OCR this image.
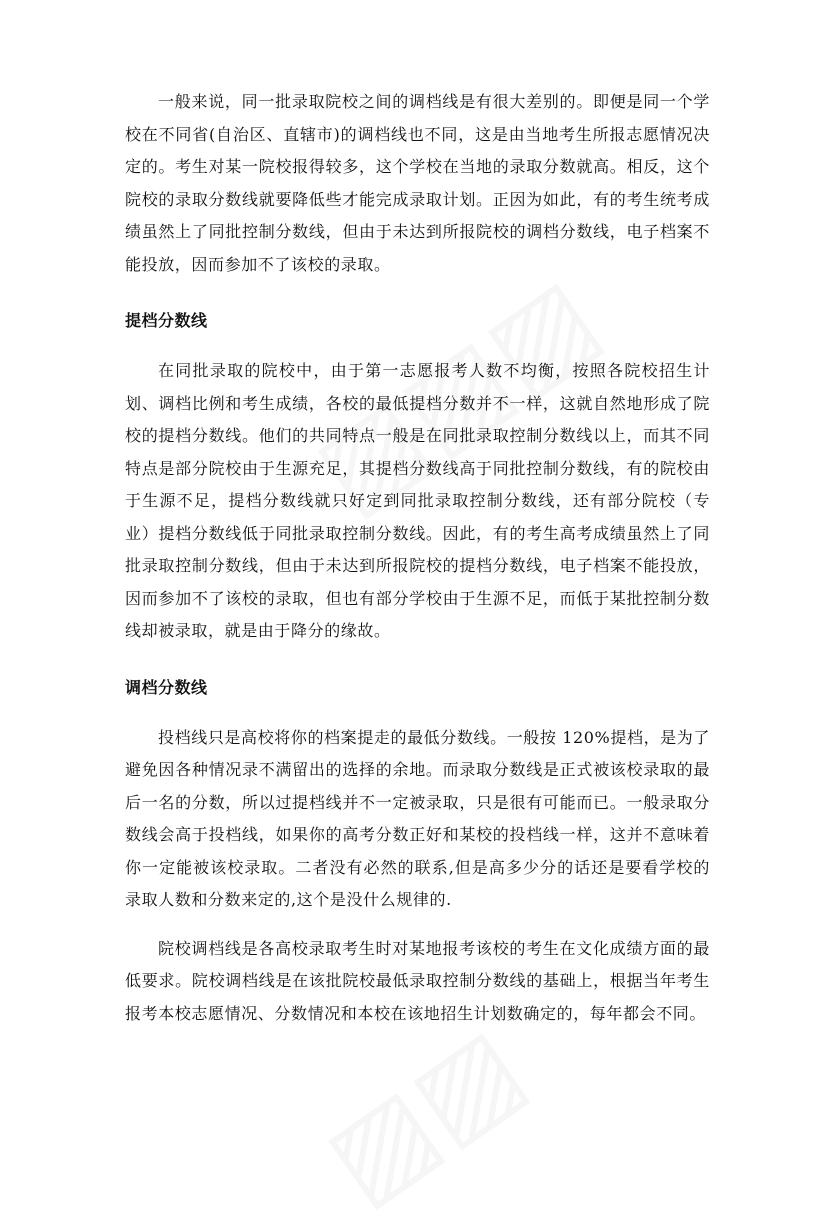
一般来说，同一批录取院校之间的调档线是有很大差别的。即便是同一个学校在不同省(自治区、直辖市)的调档线也不同，这是由当地考生所报志愿情况决定的。考生对某一院校报得较多，这个学校在当地的录取分数就高。相反，这个院校的录取分数线就要降低些才能完成录取计划。正因为如此，有的考生统考成绩虽然上了同批控制分数线，但由于未达到所报院校的调档分数线，电子档案不能投放，因而参加不了该校的录取。

提档分数线

在同批录取的院校中，由于第一志愿报考人数不均衡，按照各院校招生计划、调档比例和考生成绩，各校的最低提档分数并不一样，这就自然地形成了院校的提档分数线。他们的共同特点一般是在同批录取控制分数线以上，而其不同特点是部分院校由于生源充足，其提档分数线高于同批控制分数线，有的院校由于生源不足，提档分数线就只好定到同批录取控制分数线，还有部分院校（专业）提档分数线低于同批录取控制分数线。因此，有的考生高考成绩虽然上了同批录取控制分数线，但由于未达到所报院校的提档分数线，电子档案不能投放，因而参加不了该校的录取，但也有部分学校由于生源不足，而低于某批控制分数线却被录取，就是由于降分的缘故。

调档分数线

投档线只是高校将你的档案提走的最低分数线。一般按 120%提档，是为了避免因各种情况录不满留出的选择的余地。而录取分数线是正式被该校录取的最后一名的分数，所以过提档线并不一定被录取，只是很有可能而已。一般录取分数线会高于投档线，如果你的高考分数正好和某校的投档线一样，这并不意味着你一定能被该校录取。二者没有必然的联系,但是高多少分的话还是要看学校的录取人数和分数来定的,这个是没什么规律的.

院校调档线是各高校录取考生时对某地报考该校的考生在文化成绩方面的最低要求。院校调档线是在该批院校最低录取控制分数线的基础上，根据当年考生报考本校志愿情况、分数情况和本校在该地招生计划数确定的，每年都会不同。
